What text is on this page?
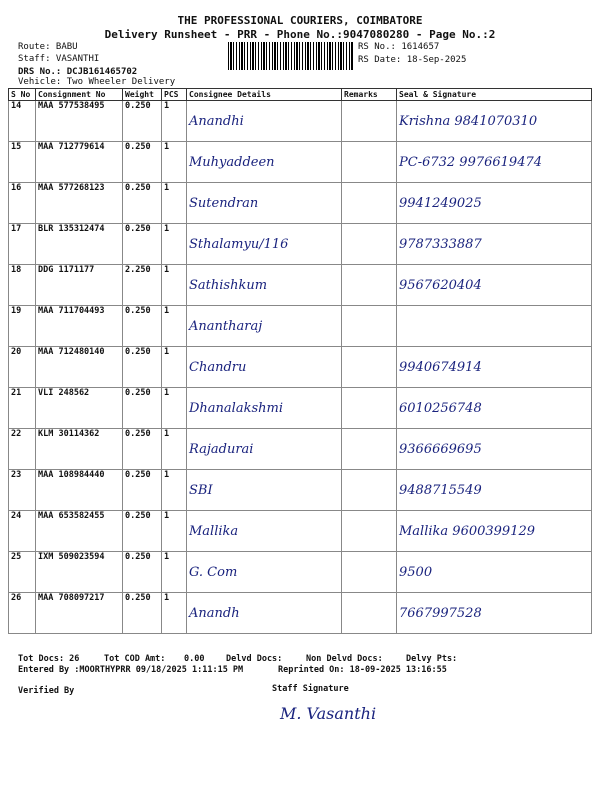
THE PROFESSIONAL COURIERS, COIMBATORE
Delivery Runsheet - PRR - Phone No.:9047080280 - Page No.:2
Route: BABU
Staff: VASANTHI
DRS No.: DCJB161465702
Vehicle: Two Wheeler Delivery
RS No.: 1614657
RS Date: 18-Sep-2025
S No	Consignment No	Weight	PCS	Consignee Details	Remarks	Seal & Signature
14	MAA 577538495	0.250	1	Anandhi		Krishna 9841070310
15	MAA 712779614	0.250	1	Muhyaddeen		PC-6732 9976619474
16	MAA 577268123	0.250	1	Sutendran		9941249025
17	BLR 135312474	0.250	1	Sthalamyu/116		9787333887
18	DDG 1171177	2.250	1	Sathishkum		9567620404
19	MAA 711704493	0.250	1	Anantharaj		
20	MAA 712480140	0.250	1	Chandru		9940674914
21	VLI 248562	0.250	1	Dhanalakshmi		6010256748
22	KLM 30114362	0.250	1	Rajadurai		9366669695
23	MAA 108984440	0.250	1	SBI		9488715549
24	MAA 653582455	0.250	1	Mallika		Mallika 9600399129
25	IXM 509023594	0.250	1	G. Com		9500
26	MAA 708097217	0.250	1	Anandh		7667997528
Tot Docs: 26	Tot COD Amt: 0.00	Delvd Docs:	Non Delvd Docs:	Delvy Pts:
Entered By :MOORTHYPRR 09/18/2025 1:11:15 PM	Reprinted On: 18-09-2025 13:16:55
Verified By	Staff Signature
M. Vasanthi
